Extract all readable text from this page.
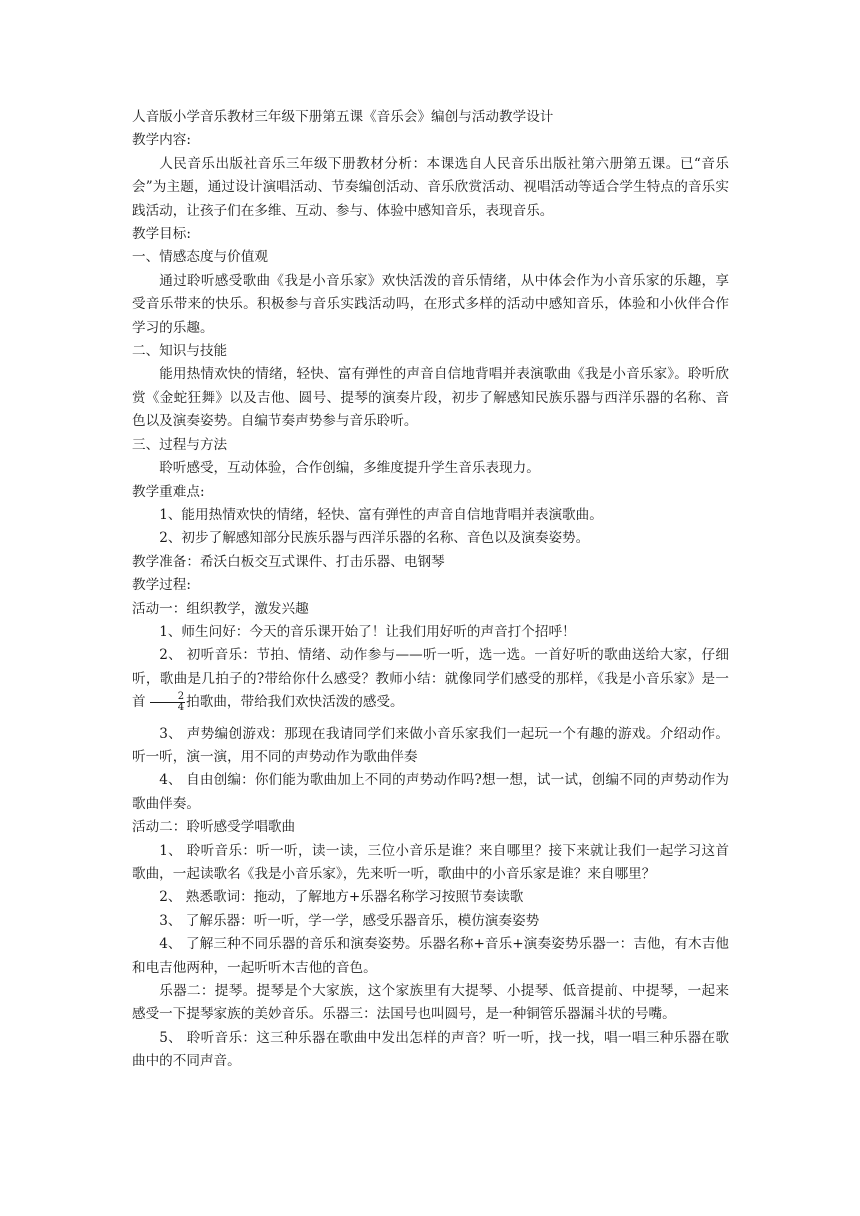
人音版小学音乐教材三年级下册第五课《音乐会》编创与活动教学设计

教学内容:

人民音乐出版社音乐三年级下册教材分析：本课选自人民音乐出版社第六册第五课。已“音乐会”为主题，通过设计演唱活动、节奏编创活动、音乐欣赏活动、视唱活动等适合学生特点的音乐实践活动，让孩子们在多维、互动、参与、体验中感知音乐，表现音乐。

教学目标:

一、情感态度与价值观

通过聆听感受歌曲《我是小音乐家》欢快活泼的音乐情绪，从中体会作为小音乐家的乐趣，享受音乐带来的快乐。积极参与音乐实践活动吗，在形式多样的活动中感知音乐，体验和小伙伴合作学习的乐趣。

二、知识与技能

能用热情欢快的情绪，轻快、富有弹性的声音自信地背唱并表演歌曲《我是小音乐家》。聆听欣赏《金蛇狂舞》以及吉他、圆号、提琴的演奏片段，初步了解感知民族乐器与西洋乐器的名称、音色以及演奏姿势。自编节奏声势参与音乐聆听。

三、过程与方法

聆听感受，互动体验，合作创编，多维度提升学生音乐表现力。

教学重难点:

1、能用热情欢快的情绪，轻快、富有弹性的声音自信地背唱并表演歌曲。

2、初步了解感知部分民族乐器与西洋乐器的名称、音色以及演奏姿势。

教学准备：希沃白板交互式课件、打击乐器、电钢琴

教学过程:

活动一：组织教学，激发兴趣

1、师生问好：今天的音乐课开始了！让我们用好听的声音打个招呼！

2、 初听音乐：节拍、情绪、动作参与——听一听，选一选。一首好听的歌曲送给大家，仔细听，歌曲是几拍子的?带给你什么感受？教师小结：就像同学们感受的那样，《我是小音乐家》是一首 $\frac{2}{4}$ 拍歌曲，带给我们欢快活泼的感受。

3、 声势编创游戏：那现在我请同学们来做小音乐家我们一起玩一个有趣的游戏。介绍动作。听一听，演一演，用不同的声势动作为歌曲伴奏

4、 自由创编：你们能为歌曲加上不同的声势动作吗?想一想，试一试，创编不同的声势动作为歌曲伴奏。

活动二：聆听感受学唱歌曲

1、 聆听音乐：听一听，读一读，三位小音乐是谁？来自哪里？接下来就让我们一起学习这首歌曲，一起读歌名《我是小音乐家》，先来听一听，歌曲中的小音乐家是谁？来自哪里？

2、 熟悉歌词：拖动，了解地方+乐器名称学习按照节奏读歌

3、 了解乐器：听一听，学一学，感受乐器音乐，模仿演奏姿势

4、 了解三种不同乐器的音乐和演奏姿势。乐器名称+音乐+演奏姿势乐器一：吉他，有木吉他和电吉他两种，一起听听木吉他的音色。

乐器二：提琴。提琴是个大家族，这个家族里有大提琴、小提琴、低音提前、中提琴，一起来感受一下提琴家族的美妙音乐。乐器三：法国号也叫圆号，是一种铜管乐器漏斗状的号嘴。

5、 聆听音乐：这三种乐器在歌曲中发出怎样的声音？听一听，找一找，唱一唱三种乐器在歌曲中的不同声音。
